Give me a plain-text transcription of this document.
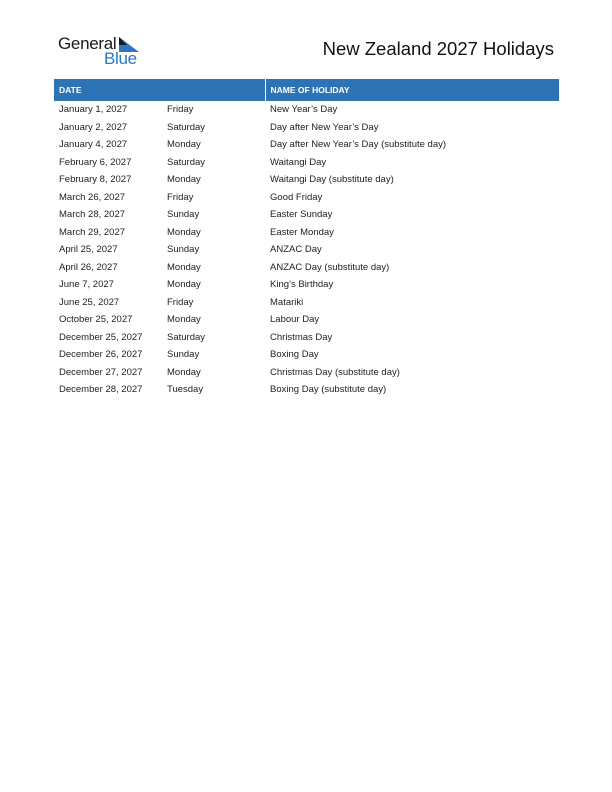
General
Blue	New Zealand 2027 Holidays
DATE		NAME OF HOLIDAY
January 1, 2027	Friday	New Year’s Day
January 2, 2027	Saturday	Day after New Year’s Day
January 4, 2027	Monday	Day after New Year’s Day (substitute day)
February 6, 2027	Saturday	Waitangi Day
February 8, 2027	Monday	Waitangi Day (substitute day)
March 26, 2027	Friday	Good Friday
March 28, 2027	Sunday	Easter Sunday
March 29, 2027	Monday	Easter Monday
April 25, 2027	Sunday	ANZAC Day
April 26, 2027	Monday	ANZAC Day (substitute day)
June 7, 2027	Monday	King’s Birthday
June 25, 2027	Friday	Matariki
October 25, 2027	Monday	Labour Day
December 25, 2027	Saturday	Christmas Day
December 26, 2027	Sunday	Boxing Day
December 27, 2027	Monday	Christmas Day (substitute day)
December 28, 2027	Tuesday	Boxing Day (substitute day)
